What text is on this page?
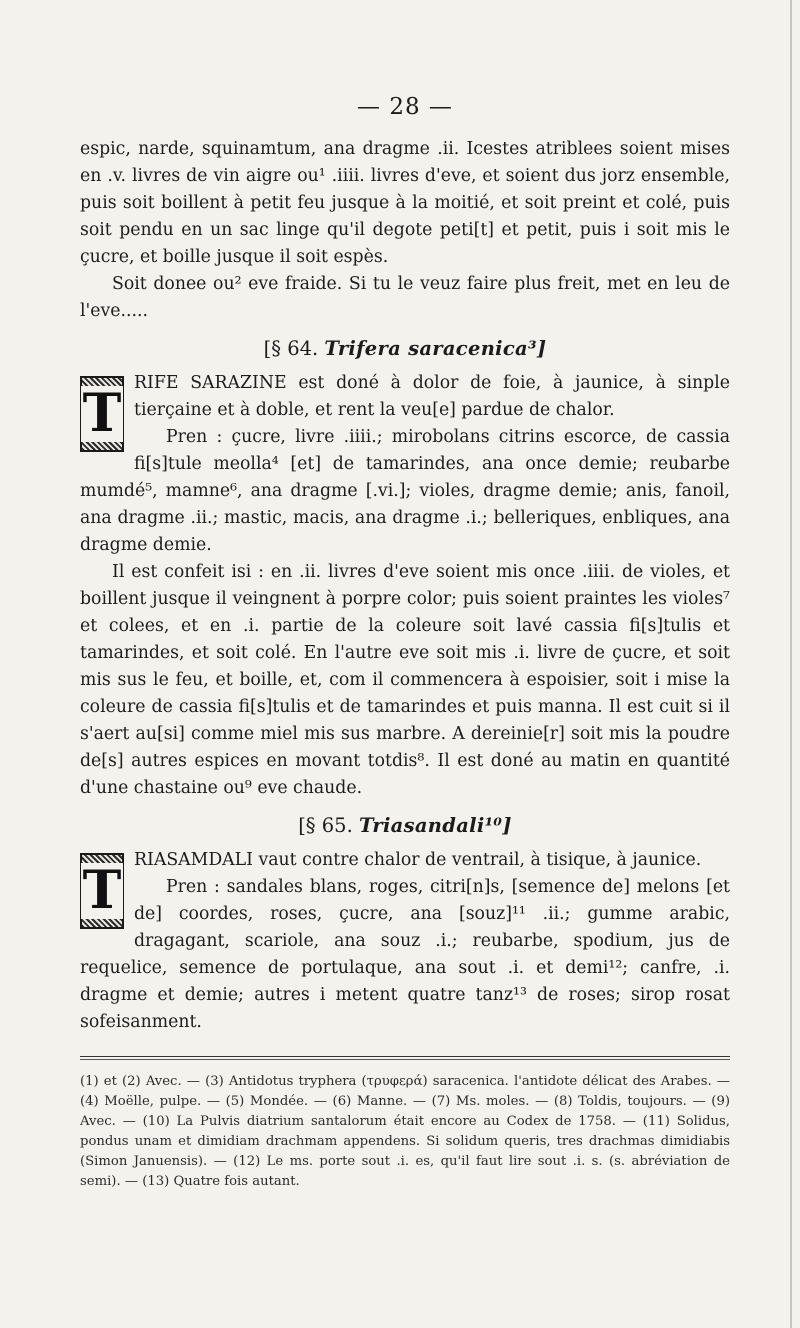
— 28 —

espic, narde, squinamtum, ana dragme .ii. Icestes atriblees soient mises en .v. livres de vin aigre ou¹ .iiii. livres d'eve, et soient dus jorz ensemble, puis soit boillent à petit feu jusque à la moitié, et soit preint et colé, puis soit pendu en un sac linge qu'il degote peti[t] et petit, puis i soit mis le çucre, et boille jusque il soit espès.

Soit donee ou² eve fraide. Si tu le veuz faire plus freit, met en leu de l'eve.....

[§ 64. Trifera saracenica³]
T RIFE SARAZINE est doné à dolor de foie, à jaunice, à sinple tierçaine et à doble, et rent la veu[e] pardue de chalor.

Pren : çucre, livre .iiii.; mirobolans citrins escorce, de cassia fi[s]tule meolla⁴ [et] de tamarindes, ana once demie; reubarbe mumdé⁵, mamne⁶, ana dragme [.vi.]; violes, dragme demie; anis, fanoil, ana dragme .ii.; mastic, macis, ana dragme .i.; belleriques, enbliques, ana dragme demie.

Il est confeit isi : en .ii. livres d'eve soient mis once .iiii. de violes, et boillent jusque il veingnent à porpre color; puis soient praintes les violes⁷ et colees, et en .i. partie de la coleure soit lavé cassia fi[s]tulis et tamarindes, et soit colé. En l'autre eve soit mis .i. livre de çucre, et soit mis sus le feu, et boille, et, com il commencera à espoisier, soit i mise la coleure de cassia fi[s]tulis et de tamarindes et puis manna. Il est cuit si il s'aert au[si] comme miel mis sus marbre. A dereinie[r] soit mis la poudre de[s] autres espices en movant totdis⁸. Il est doné au matin en quantité d'une chastaine ou⁹ eve chaude.

[§ 65. Triasandali¹⁰]
T RIASAMDALI vaut contre chalor de ventrail, à tisique, à jaunice.

Pren : sandales blans, roges, citri[n]s, [semence de] melons [et de] coordes, roses, çucre, ana [souz]¹¹ .ii.; gumme arabic, dragagant, scariole, ana souz .i.; reubarbe, spodium, jus de requelice, semence de portulaque, ana sout .i. et demi¹²; canfre, .i. dragme et demie; autres i metent quatre tanz¹³ de roses; sirop rosat sofeisanment.

(1) et (2) Avec. — (3) Antidotus tryphera (τρυφερά) saracenica. l'antidote délicat des Arabes. — (4) Moëlle, pulpe. — (5) Mondée. — (6) Manne. — (7) Ms. moles. — (8) Toldis, toujours. — (9) Avec. — (10) La Pulvis diatrium santalorum était encore au Codex de 1758. — (11) Solidus, pondus unam et dimidiam drachmam appendens. Si solidum queris, tres drachmas dimidiabis (Simon Januensis). — (12) Le ms. porte sout .i. es, qu'il faut lire sout .i. s. (s. abréviation de semi). — (13) Quatre fois autant.
